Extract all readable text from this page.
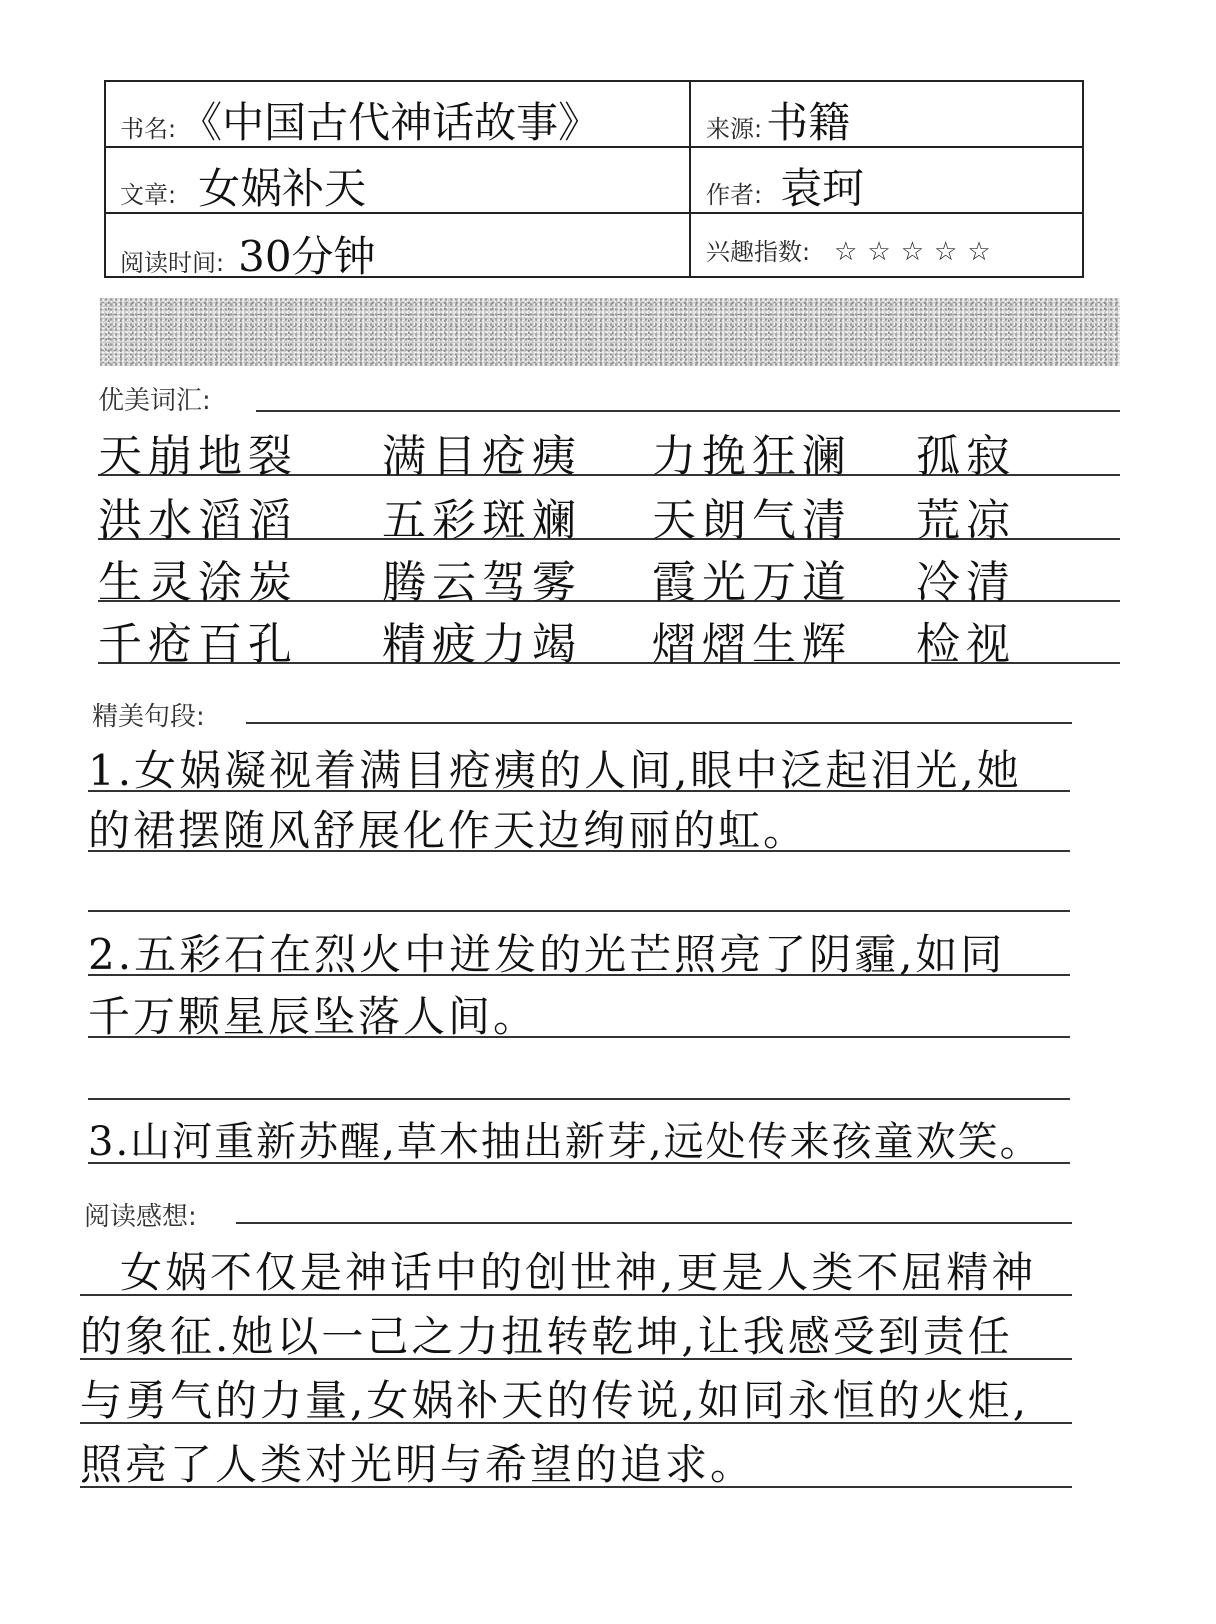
书名: 《中国古代神话故事》	来源: 书籍
文章: 女娲补天	作者: 袁珂
阅读时间: 30分钟	兴趣指数: ☆☆☆☆☆
优美词汇:
天崩地裂 满目疮痍 力挽狂澜 孤寂
洪水滔滔 五彩斑斓 天朗气清 荒凉
生灵涂炭 腾云驾雾 霞光万道 冷清
千疮百孔 精疲力竭 熠熠生辉 检视
精美句段:
1.女娲凝视着满目疮痍的人间,眼中泛起泪光,她
的裙摆随风舒展化作天边绚丽的虹。
2.五彩石在烈火中迸发的光芒照亮了阴霾,如同
千万颗星辰坠落人间。
3.山河重新苏醒,草木抽出新芽,远处传来孩童欢笑。
阅读感想:
女娲不仅是神话中的创世神,更是人类不屈精神
的象征.她以一己之力扭转乾坤,让我感受到责任
与勇气的力量,女娲补天的传说,如同永恒的火炬,
照亮了人类对光明与希望的追求。
